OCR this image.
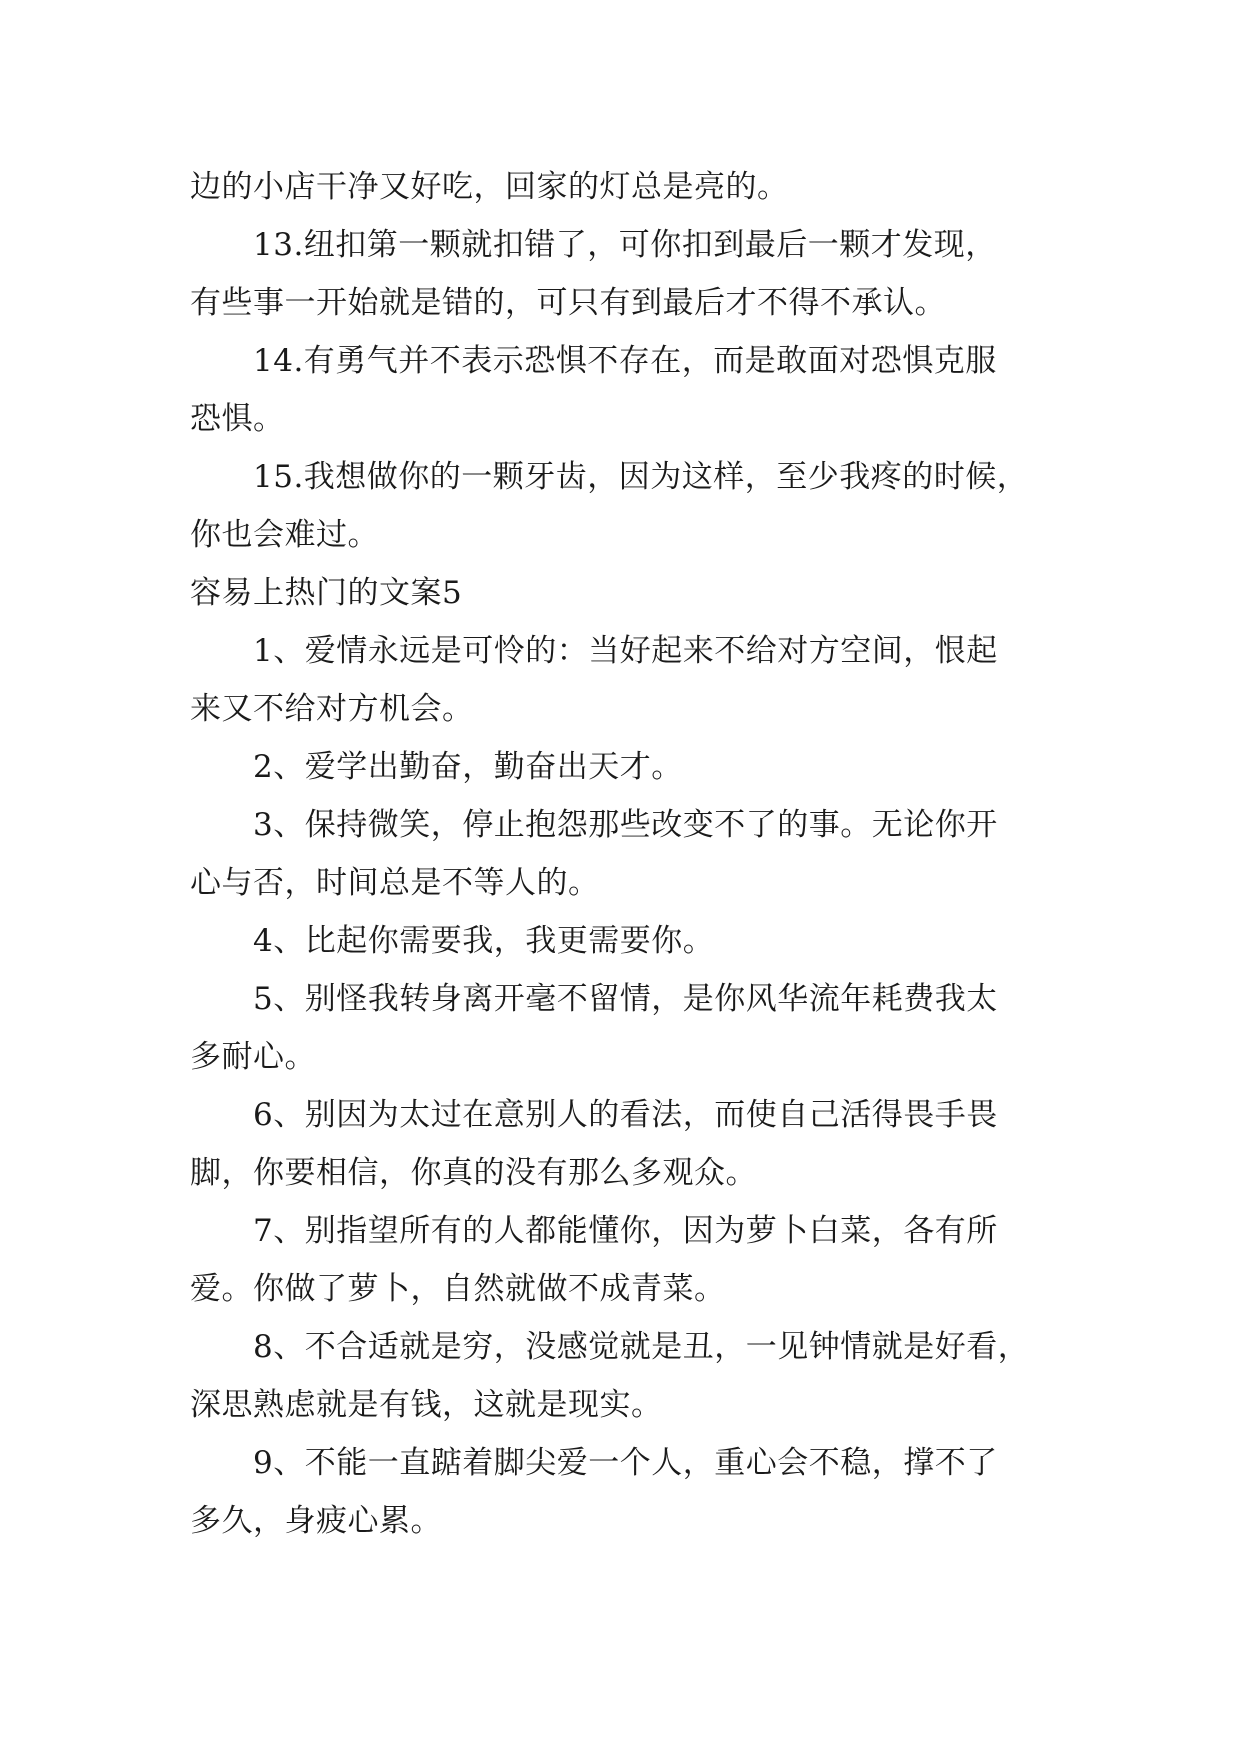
边的小店干净又好吃，回家的灯总是亮的。
13.纽扣第一颗就扣错了，可你扣到最后一颗才发现，
有些事一开始就是错的，可只有到最后才不得不承认。
14.有勇气并不表示恐惧不存在，而是敢面对恐惧克服
恐惧。
15.我想做你的一颗牙齿，因为这样，至少我疼的时候，
你也会难过。
容易上热门的文案5
1、爱情永远是可怜的：当好起来不给对方空间，恨起
来又不给对方机会。
2、爱学出勤奋，勤奋出天才。
3、保持微笑，停止抱怨那些改变不了的事。无论你开
心与否，时间总是不等人的。
4、比起你需要我，我更需要你。
5、别怪我转身离开毫不留情，是你风华流年耗费我太
多耐心。
6、别因为太过在意别人的看法，而使自己活得畏手畏
脚，你要相信，你真的没有那么多观众。
7、别指望所有的人都能懂你，因为萝卜白菜，各有所
爱。你做了萝卜，自然就做不成青菜。
8、不合适就是穷，没感觉就是丑，一见钟情就是好看，
深思熟虑就是有钱，这就是现实。
9、不能一直踮着脚尖爱一个人，重心会不稳，撑不了
多久，身疲心累。
